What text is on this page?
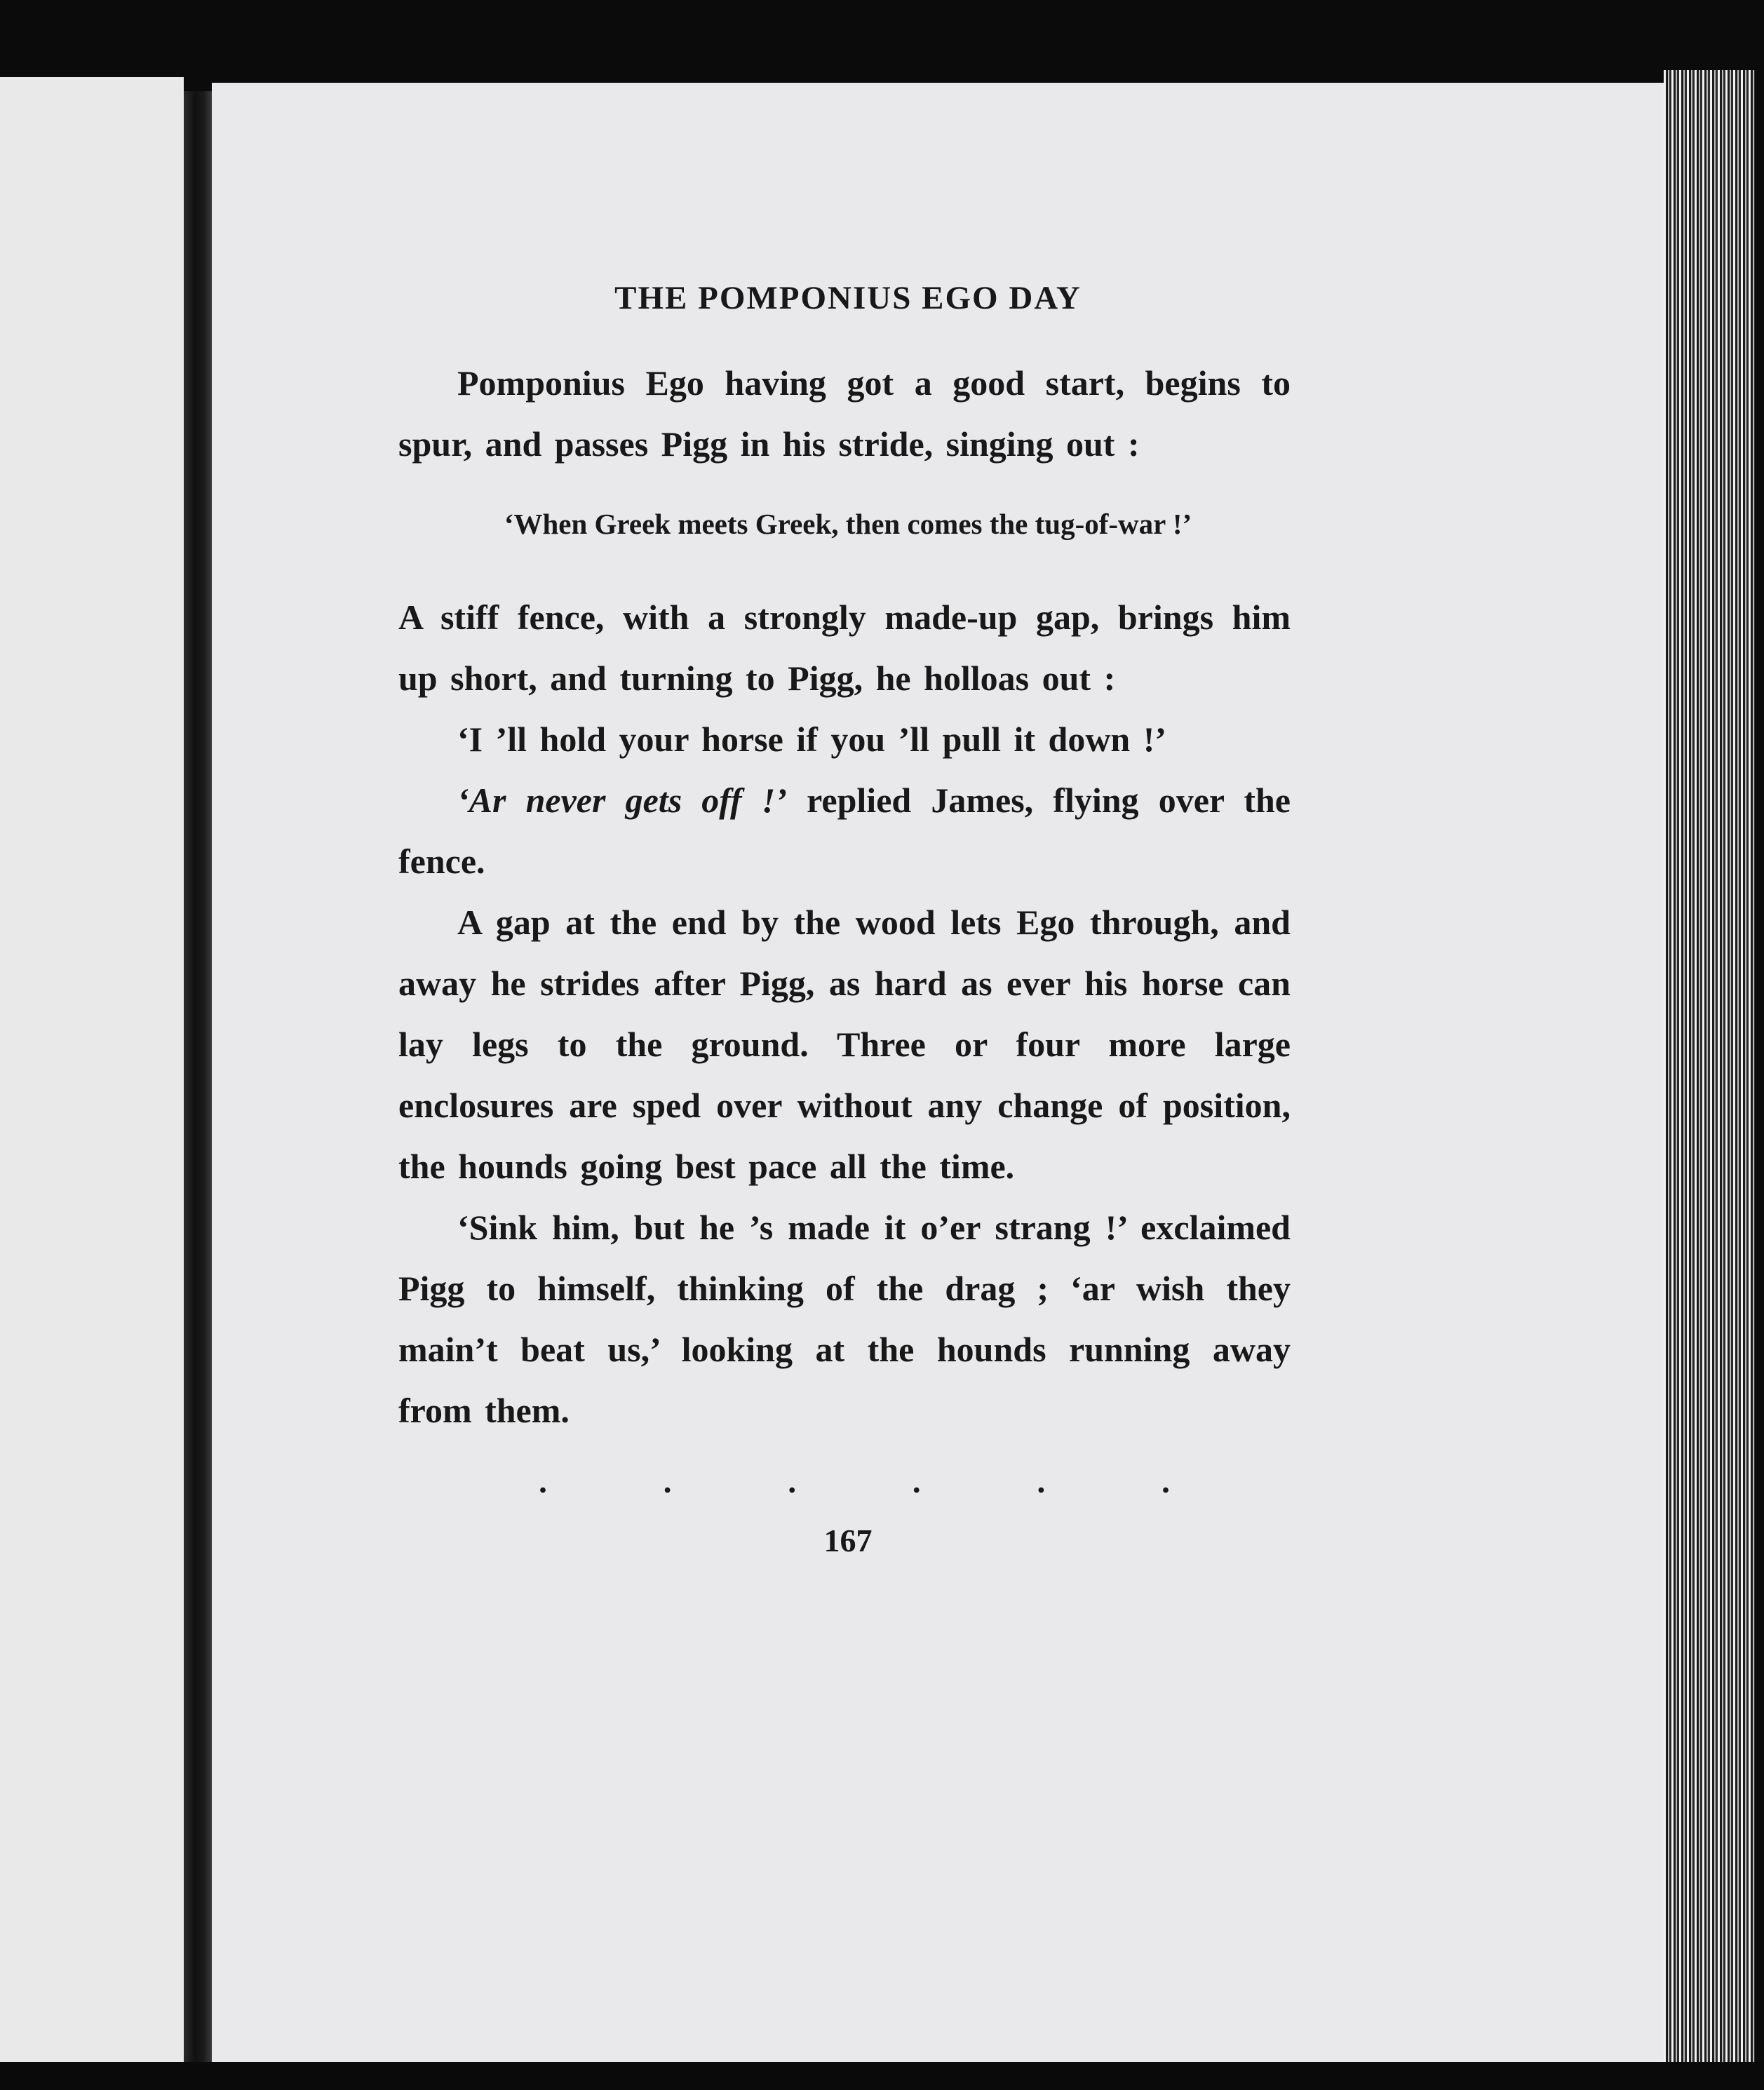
THE POMPONIUS EGO DAY

Pomponius Ego having got a good start, begins to spur, and passes Pigg in his stride, singing out :

‘When Greek meets Greek, then comes the tug-of-war !’

A stiff fence, with a strongly made-up gap, brings him up short, and turning to Pigg, he holloas out :

‘I ’ll hold your horse if you ’ll pull it down !’

‘Ar never gets off !’ replied James, flying over the fence.

A gap at the end by the wood lets Ego through, and away he strides after Pigg, as hard as ever his horse can lay legs to the ground. Three or four more large enclosures are sped over without any change of position, the hounds going best pace all the time.

‘Sink him, but he ’s made it o’er strang !’ exclaimed Pigg to himself, thinking of the drag ; ‘ar wish they main’t beat us,’ looking at the hounds running away from them.

.	.	.	.	.	.
167
